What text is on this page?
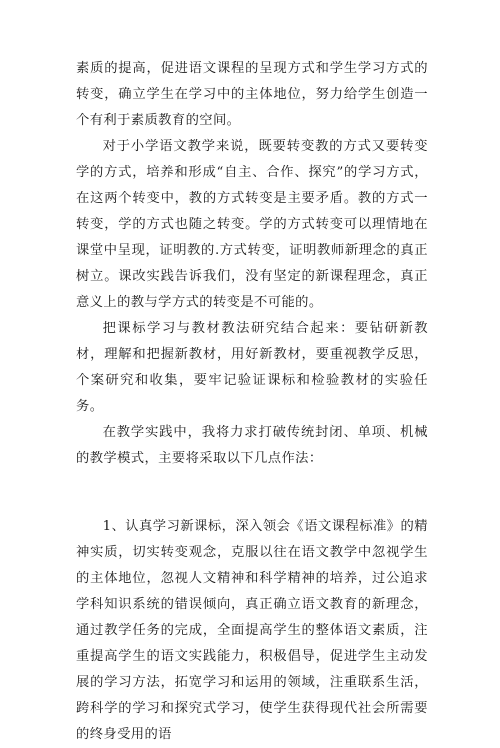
素质的提高，促进语文课程的呈现方式和学生学习方式的转变，确立学生在学习中的主体地位，努力给学生创造一个有利于素质教育的空间。

对于小学语文教学来说，既要转变教的方式又要转变学的方式，培养和形成“自主、合作、探究”的学习方式，在这两个转变中，教的方式转变是主要矛盾。教的方式一转变，学的方式也随之转变。学的方式转变可以理情地在课堂中呈现，证明教的.方式转变，证明教师新理念的真正树立。课改实践告诉我们，没有坚定的新课程理念，真正意义上的教与学方式的转变是不可能的。

把课标学习与教材教法研究结合起来：要钻研新教材，理解和把握新教材，用好新教材，要重视教学反思，个案研究和收集，要牢记验证课标和检验教材的实验任务。

在教学实践中，我将力求打破传统封闭、单项、机械的教学模式，主要将采取以下几点作法：

1、认真学习新课标，深入领会《语文课程标准》的精神实质，切实转变观念，克服以往在语文教学中忽视学生的主体地位，忽视人文精神和科学精神的培养，过公追求学科知识系统的错误倾向，真正确立语文教育的新理念，通过教学任务的完成，全面提高学生的整体语文素质，注重提高学生的语文实践能力，积极倡导，促进学生主动发展的学习方法，拓宽学习和运用的领域，注重联系生活，跨科学的学习和探究式学习，使学生获得现代社会所需要的终身受用的语
